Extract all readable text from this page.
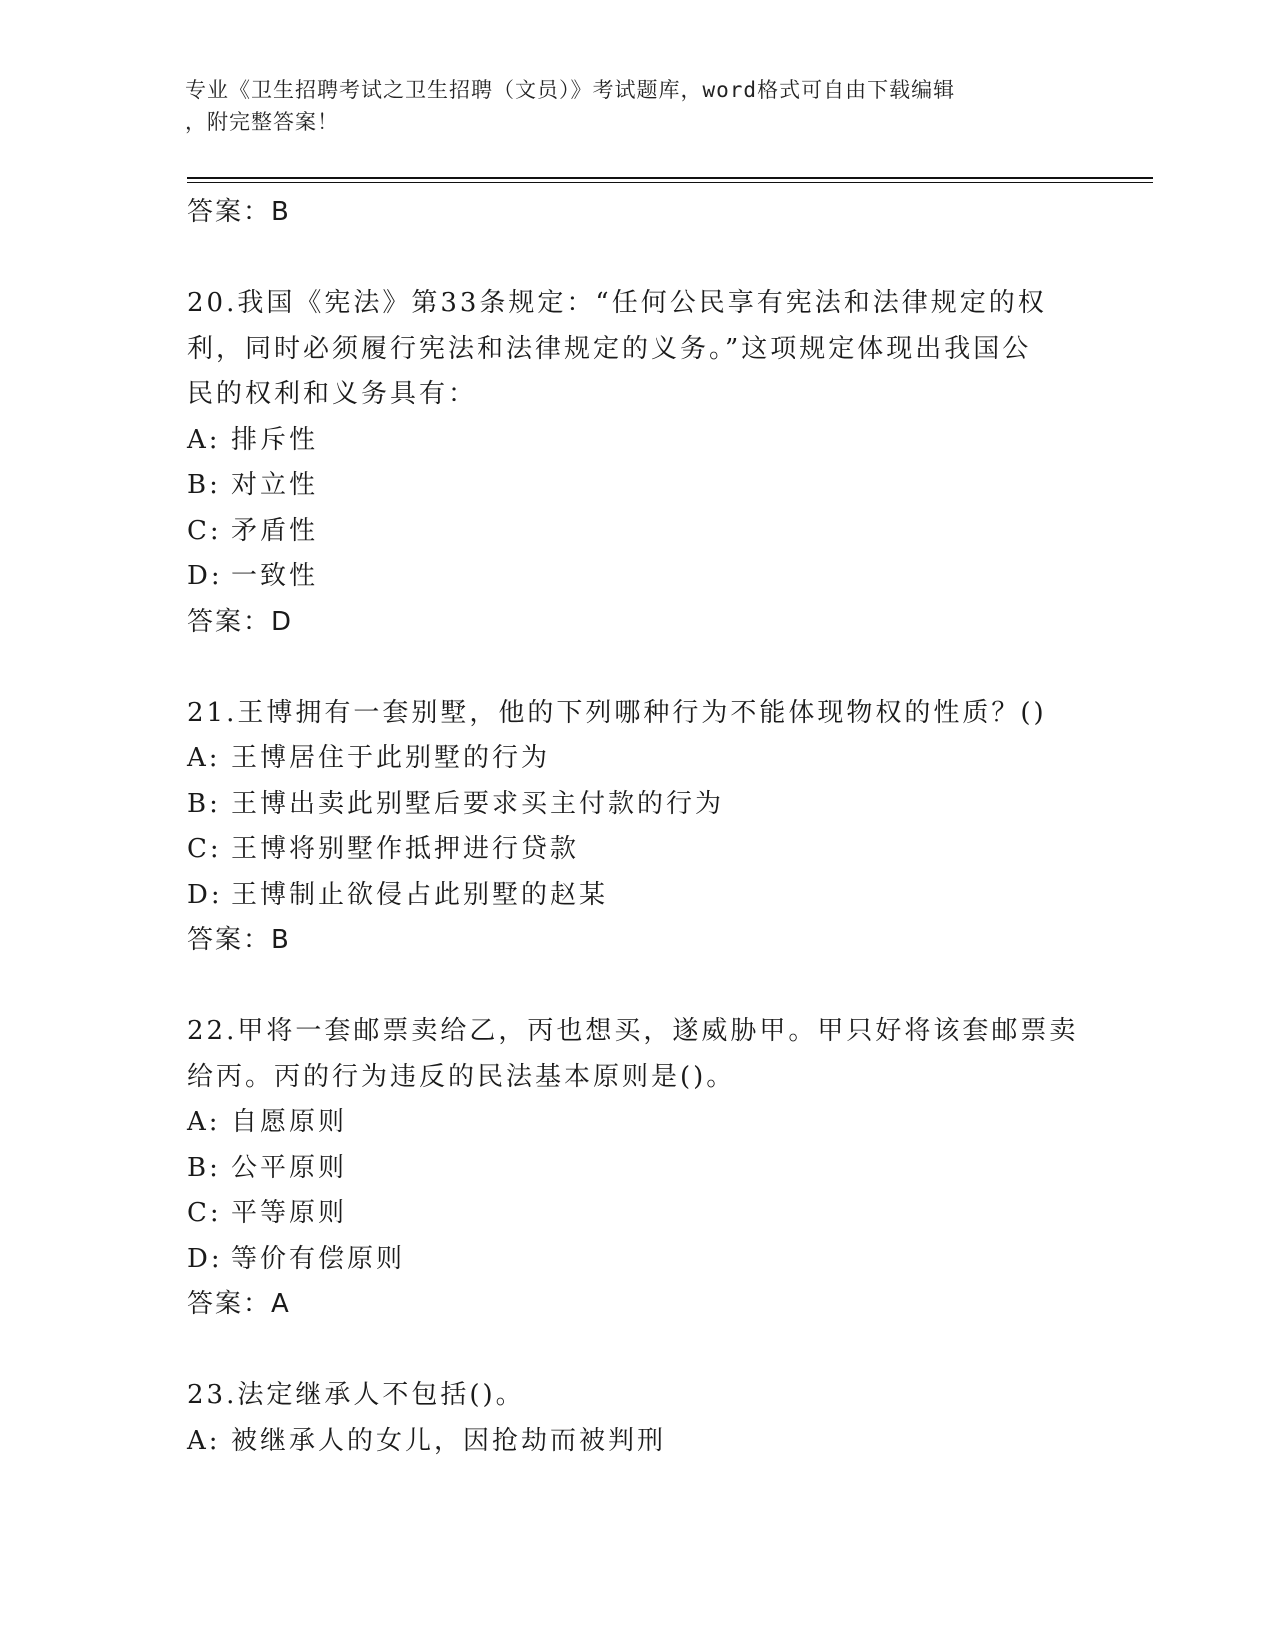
专业《卫生招聘考试之卫生招聘（文员）》考试题库，word格式可自由下载编辑
，附完整答案！
答案：B
20.我国《宪法》第33条规定：“任何公民享有宪法和法律规定的权
利，同时必须履行宪法和法律规定的义务。”这项规定体现出我国公
民的权利和义务具有：
A: 排斥性
B: 对立性
C: 矛盾性
D: 一致性
答案：D
21.王博拥有一套别墅，他的下列哪种行为不能体现物权的性质？()
A: 王博居住于此别墅的行为
B: 王博出卖此别墅后要求买主付款的行为
C: 王博将别墅作抵押进行贷款
D: 王博制止欲侵占此别墅的赵某
答案：B
22.甲将一套邮票卖给乙，丙也想买，遂威胁甲。甲只好将该套邮票卖
给丙。丙的行为违反的民法基本原则是()。
A: 自愿原则
B: 公平原则
C: 平等原则
D: 等价有偿原则
答案：A
23.法定继承人不包括()。
A: 被继承人的女儿，因抢劫而被判刑
